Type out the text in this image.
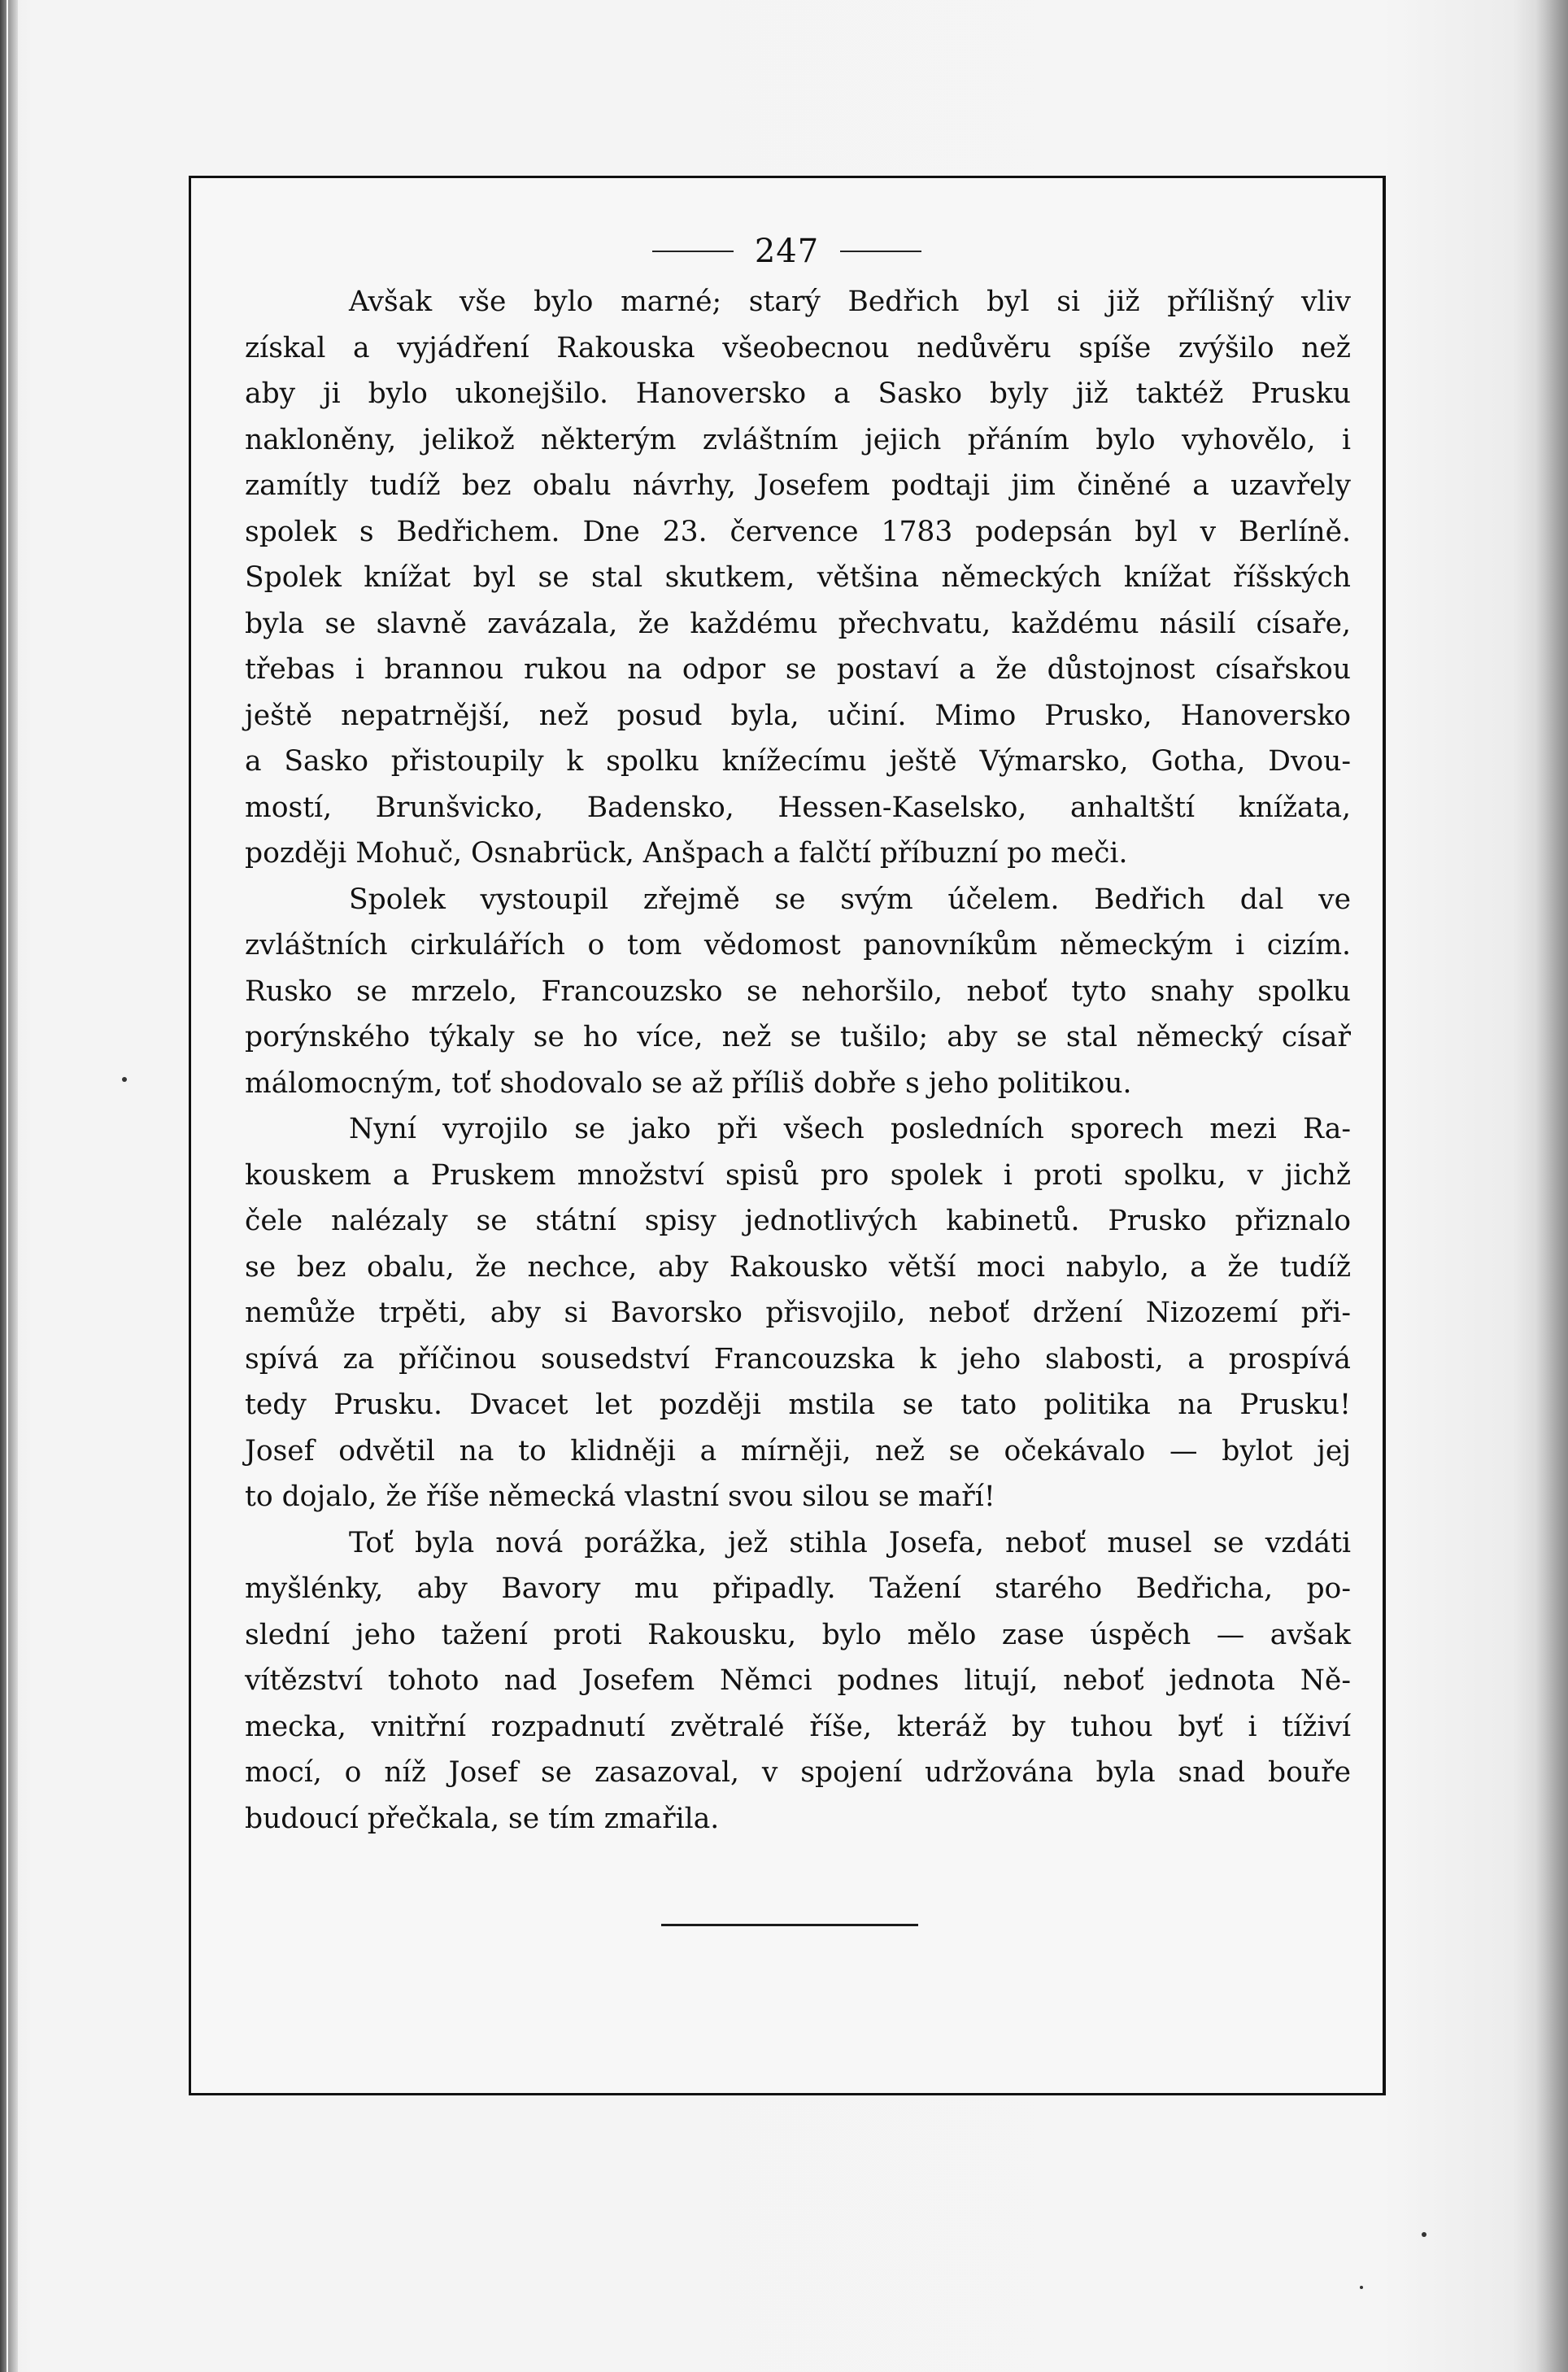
247
Avšak vše bylo marné; starý Bedřich byl si již přílišný vliv
získal a vyjádření Rakouska všeobecnou nedůvěru spíše zvýšilo než
aby ji bylo ukonejšilo. Hanoversko a Sasko byly již taktéž Prusku
nakloněny, jelikož některým zvláštním jejich přáním bylo vyhovělo, i
zamítly tudíž bez obalu návrhy, Josefem podtaji jim činěné a uzavřely
spolek s Bedřichem. Dne 23. července 1783 podepsán byl v Berlíně.
Spolek knížat byl se stal skutkem, většina německých knížat říšských
byla se slavně zavázala, že každému přechvatu, každému násilí císaře,
třebas i brannou rukou na odpor se postaví a že důstojnost císařskou
ještě nepatrnější, než posud byla, učiní. Mimo Prusko, Hanoversko
a Sasko přistoupily k spolku knížecímu ještě Výmarsko, Gotha, Dvou-
mostí, Brunšvicko, Badensko, Hessen-Kaselsko, anhaltští knížata,
později Mohuč, Osnabrück, Anšpach a falčtí příbuzní po meči.
Spolek vystoupil zřejmě se svým účelem. Bedřich dal ve
zvláštních cirkulářích o tom vědomost panovníkům německým i cizím.
Rusko se mrzelo, Francouzsko se nehoršilo, neboť tyto snahy spolku
porýnského týkaly se ho více, než se tušilo; aby se stal německý císař
málomocným, toť shodovalo se až příliš dobře s jeho politikou.
Nyní vyrojilo se jako při všech posledních sporech mezi Ra-
kouskem a Pruskem množství spisů pro spolek i proti spolku, v jichž
čele nalézaly se státní spisy jednotlivých kabinetů. Prusko přiznalo
se bez obalu, že nechce, aby Rakousko větší moci nabylo, a že tudíž
nemůže trpěti, aby si Bavorsko přisvojilo, neboť držení Nizozemí při-
spívá za příčinou sousedství Francouzska k jeho slabosti, a prospívá
tedy Prusku. Dvacet let později mstila se tato politika na Prusku!
Josef odvětil na to klidněji a mírněji, než se očekávalo — bylot jej
to dojalo, že říše německá vlastní svou silou se maří!
Toť byla nová porážka, jež stihla Josefa, neboť musel se vzdáti
myšlénky, aby Bavory mu připadly. Tažení starého Bedřicha, po-
slední jeho tažení proti Rakousku, bylo mělo zase úspěch — avšak
vítězství tohoto nad Josefem Němci podnes litují, neboť jednota Ně-
mecka, vnitřní rozpadnutí zvětralé říše, kteráž by tuhou byť i tíživí
mocí, o níž Josef se zasazoval, v spojení udržována byla snad bouře
budoucí přečkala, se tím zmařila.
